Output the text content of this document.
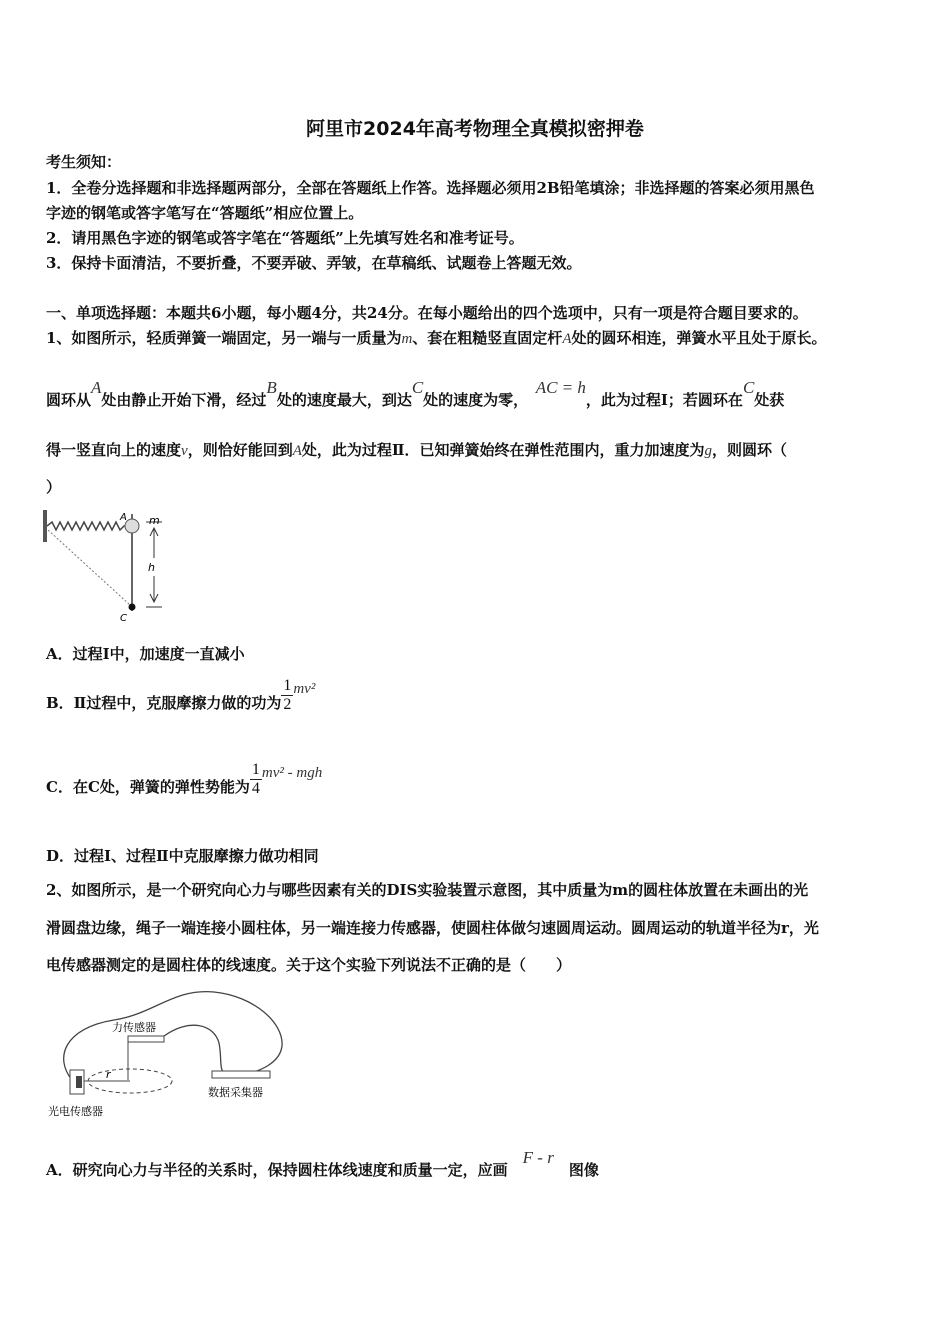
阿里市2024年高考物理全真模拟密押卷
考生须知：
1．全卷分选择题和非选择题两部分，全部在答题纸上作答。选择题必须用2B铅笔填涂；非选择题的答案必须用黑色
字迹的钢笔或答字笔写在“答题纸”相应位置上。
2．请用黑色字迹的钢笔或答字笔在“答题纸”上先填写姓名和准考证号。
3．保持卡面清洁，不要折叠，不要弄破、弄皱，在草稿纸、试题卷上答题无效。
一、单项选择题：本题共6小题，每小题4分，共24分。在每小题给出的四个选项中，只有一项是符合题目要求的。
1、如图所示，轻质弹簧一端固定，另一端与一质量为m、套在粗糙竖直固定杆A处的圆环相连，弹簧水平且处于原长。
圆环从A处由静止开始下滑，经过B处的速度最大，到达C处的速度为零，　AC = h，此为过程Ⅰ；若圆环在C处获
得一竖直向上的速度v，则恰好能回到A处，此为过程Ⅱ．已知弹簧始终在弹性范围内，重力加速度为g，则圆环（
）
A m
h
C
A．过程Ⅰ中，加速度一直减小
B．Ⅱ过程中，克服摩擦力做的功为 $\frac{1}{2} mv^2$
C．在C处，弹簧的弹性势能为 $\frac{1}{4} mv^2$ - mgh
D．过程Ⅰ、过程Ⅱ中克服摩擦力做功相同
2、如图所示，是一个研究向心力与哪些因素有关的DIS实验装置示意图，其中质量为m的圆柱体放置在未画出的光
滑圆盘边缘，绳子一端连接小圆柱体，另一端连接力传感器，使圆柱体做匀速圆周运动。圆周运动的轨道半径为r，光
电传感器测定的是圆柱体的线速度。关于这个实验下列说法不正确的是（　　）
力传感器
r
数据采集器
光电传感器
A．研究向心力与半径的关系时，保持圆柱体线速度和质量一定，应画　F - r　图像
